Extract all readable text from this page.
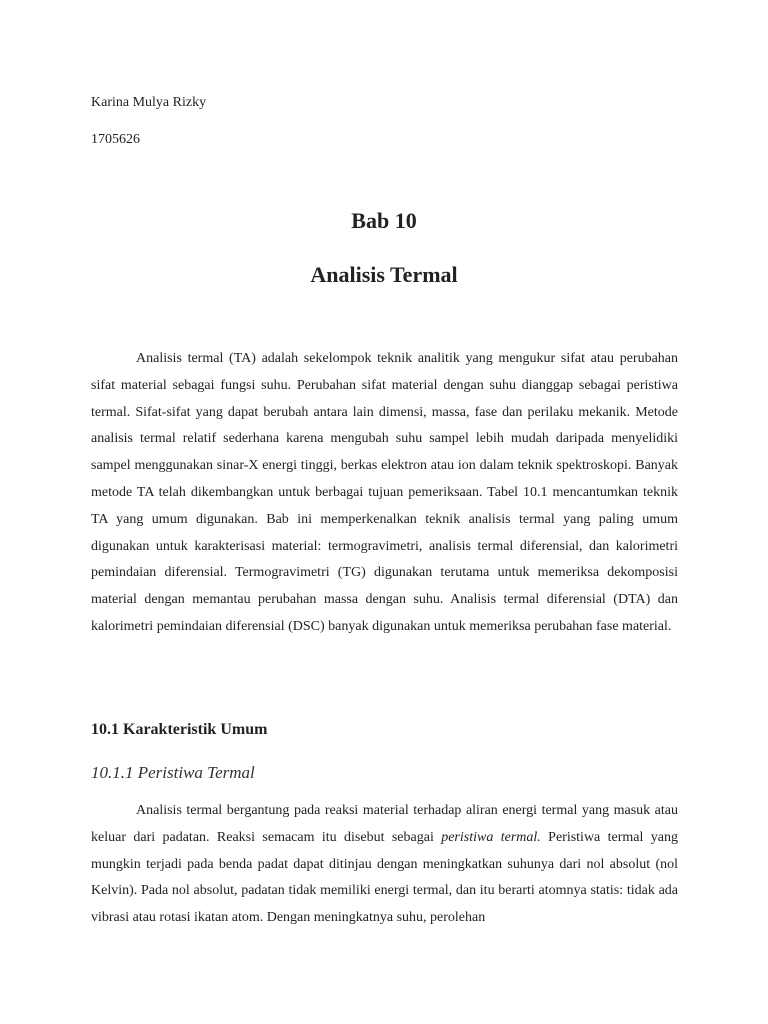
Karina Mulya Rizky

1705626

Bab 10
Analisis Termal

Analisis termal (TA) adalah sekelompok teknik analitik yang mengukur sifat atau perubahan sifat material sebagai fungsi suhu. Perubahan sifat material dengan suhu dianggap sebagai peristiwa termal. Sifat-sifat yang dapat berubah antara lain dimensi, massa, fase dan perilaku mekanik. Metode analisis termal relatif sederhana karena mengubah suhu sampel lebih mudah daripada menyelidiki sampel menggunakan sinar-X energi tinggi, berkas elektron atau ion dalam teknik spektroskopi. Banyak metode TA telah dikembangkan untuk berbagai tujuan pemeriksaan. Tabel 10.1 mencantumkan teknik TA yang umum digunakan. Bab ini memperkenalkan teknik analisis termal yang paling umum digunakan untuk karakterisasi material: termogravimetri, analisis termal diferensial, dan kalorimetri pemindaian diferensial. Termogravimetri (TG) digunakan terutama untuk memeriksa dekomposisi material dengan memantau perubahan massa dengan suhu. Analisis termal diferensial (DTA) dan kalorimetri pemindaian diferensial (DSC) banyak digunakan untuk memeriksa perubahan fase material.

10.1 Karakteristik Umum
10.1.1 Peristiwa Termal

Analisis termal bergantung pada reaksi material terhadap aliran energi termal yang masuk atau keluar dari padatan. Reaksi semacam itu disebut sebagai peristiwa termal. Peristiwa termal yang mungkin terjadi pada benda padat dapat ditinjau dengan meningkatkan suhunya dari nol absolut (nol Kelvin). Pada nol absolut, padatan tidak memiliki energi termal, dan itu berarti atomnya statis: tidak ada vibrasi atau rotasi ikatan atom. Dengan meningkatnya suhu, perolehan
